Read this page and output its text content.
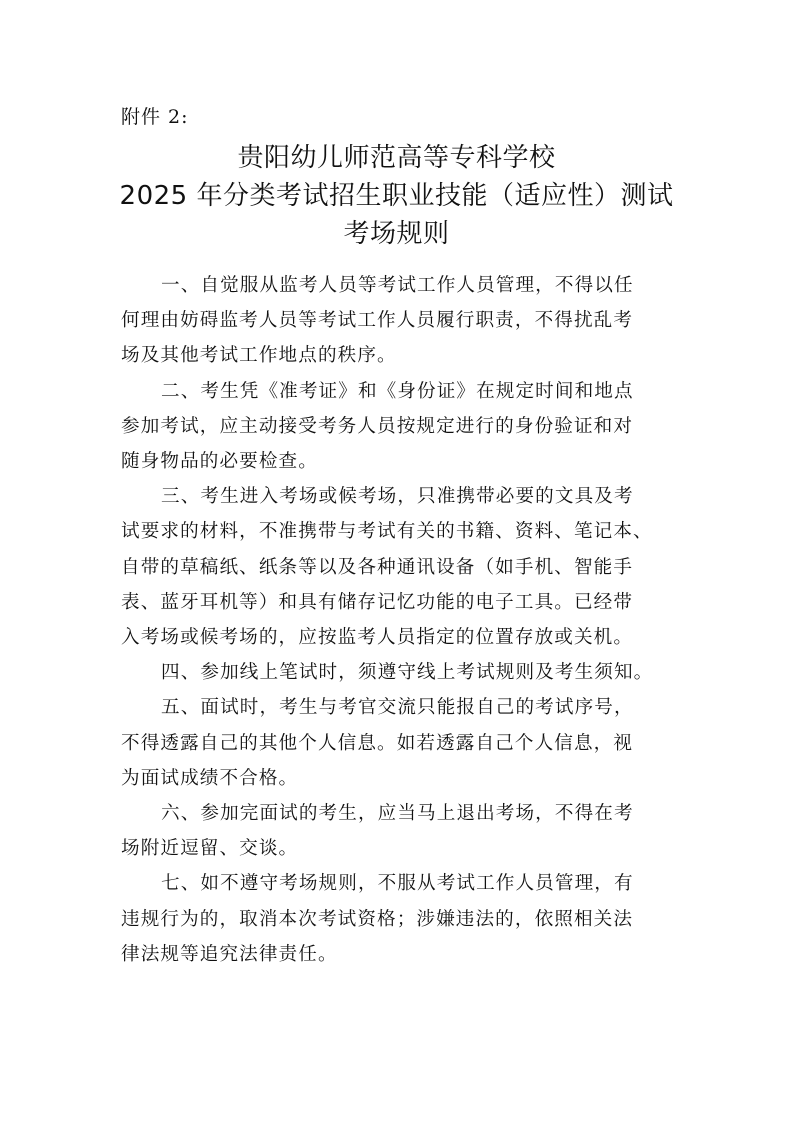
附件 2:
贵阳幼儿师范高等专科学校
2025 年分类考试招生职业技能（适应性）测试
考场规则
一、自觉服从监考人员等考试工作人员管理，不得以任
何理由妨碍监考人员等考试工作人员履行职责，不得扰乱考
场及其他考试工作地点的秩序。
二、考生凭《准考证》和《身份证》在规定时间和地点
参加考试，应主动接受考务人员按规定进行的身份验证和对
随身物品的必要检查。
三、考生进入考场或候考场，只准携带必要的文具及考
试要求的材料，不准携带与考试有关的书籍、资料、笔记本、
自带的草稿纸、纸条等以及各种通讯设备（如手机、智能手
表、蓝牙耳机等）和具有储存记忆功能的电子工具。已经带
入考场或候考场的，应按监考人员指定的位置存放或关机。
四、参加线上笔试时，须遵守线上考试规则及考生须知。
五、面试时，考生与考官交流只能报自己的考试序号，
不得透露自己的其他个人信息。如若透露自己个人信息，视
为面试成绩不合格。
六、参加完面试的考生，应当马上退出考场，不得在考
场附近逗留、交谈。
七、如不遵守考场规则，不服从考试工作人员管理，有
违规行为的，取消本次考试资格；涉嫌违法的，依照相关法
律法规等追究法律责任。
